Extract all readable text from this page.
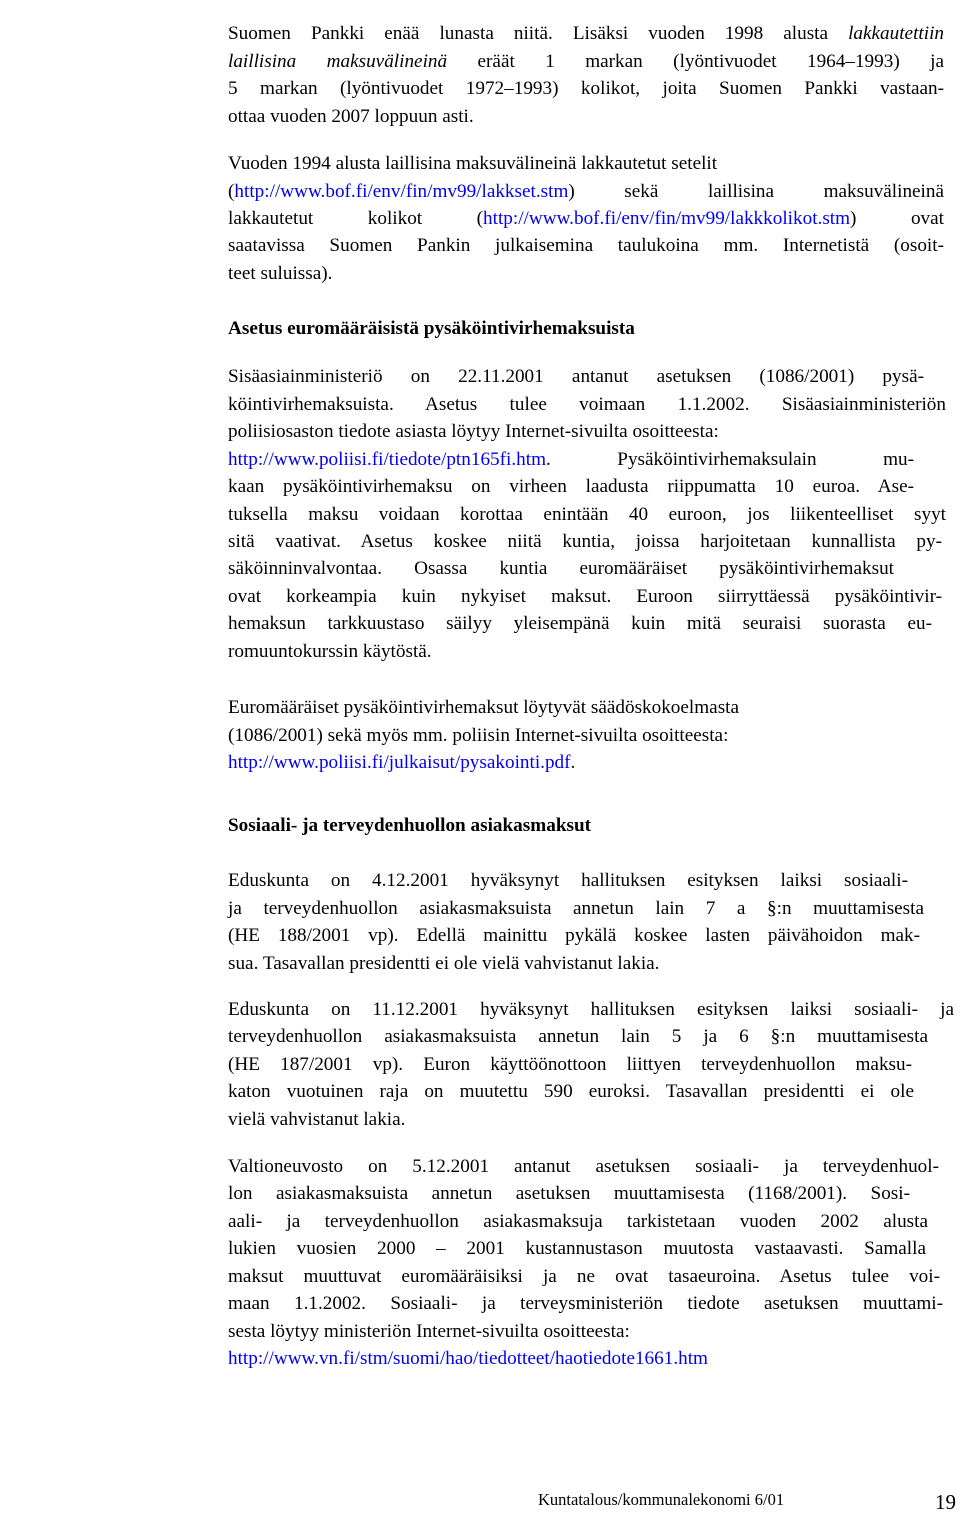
Suomen Pankki enää lunasta niitä. Lisäksi vuoden 1998 alusta lakkautettiin
laillisina maksuvälineinä eräät 1 markan (lyöntivuodet 1964–1993) ja
5 markan (lyöntivuodet 1972–1993) kolikot, joita Suomen Pankki vastaan-
ottaa vuoden 2007 loppuun asti.
Vuoden 1994 alusta laillisina maksuvälineinä lakkautetut setelit
(http://www.bof.fi/env/fin/mv99/lakkset.stm) sekä laillisina maksuvälineinä
lakkautetut kolikot (http://www.bof.fi/env/fin/mv99/lakkkolikot.stm) ovat
saatavissa Suomen Pankin julkaisemina taulukoina mm. Internetistä (osoit-
teet suluissa).
Asetus euromääräisistä pysäköintivirhemaksuista
Sisäasiainministeriö on 22.11.2001 antanut asetuksen (1086/2001) pysä-
köintivirhemaksuista. Asetus tulee voimaan 1.1.2002. Sisäasiainministeriön
poliisiosaston tiedote asiasta löytyy Internet-sivuilta osoitteesta:
http://www.poliisi.fi/tiedote/ptn165fi.htm. Pysäköintivirhemaksulain mu-
kaan pysäköintivirhemaksu on virheen laadusta riippumatta 10 euroa. Ase-
tuksella maksu voidaan korottaa enintään 40 euroon, jos liikenteelliset syyt
sitä vaativat. Asetus koskee niitä kuntia, joissa harjoitetaan kunnallista py-
säköinninvalvontaa. Osassa kuntia euromääräiset pysäköintivirhemaksut
ovat korkeampia kuin nykyiset maksut. Euroon siirryttäessä pysäköintivir-
hemaksun tarkkuustaso säilyy yleisempänä kuin mitä seuraisi suorasta eu-
romuuntokurssin käytöstä.
Euromääräiset pysäköintivirhemaksut löytyvät säädöskokoelmasta
(1086/2001) sekä myös mm. poliisin Internet-sivuilta osoitteesta:
http://www.poliisi.fi/julkaisut/pysakointi.pdf.
Sosiaali- ja terveydenhuollon asiakasmaksut
Eduskunta on 4.12.2001 hyväksynyt hallituksen esityksen laiksi sosiaali-
ja terveydenhuollon asiakasmaksuista annetun lain 7 a §:n muuttamisesta
(HE 188/2001 vp). Edellä mainittu pykälä koskee lasten päivähoidon mak-
sua. Tasavallan presidentti ei ole vielä vahvistanut lakia.
Eduskunta on 11.12.2001 hyväksynyt hallituksen esityksen laiksi sosiaali- ja
terveydenhuollon asiakasmaksuista annetun lain 5 ja 6 §:n muuttamisesta
(HE 187/2001 vp). Euron käyttöönottoon liittyen terveydenhuollon maksu-
katon vuotuinen raja on muutettu 590 euroksi. Tasavallan presidentti ei ole
vielä vahvistanut lakia.
Valtioneuvosto on 5.12.2001 antanut asetuksen sosiaali- ja terveydenhuol-
lon asiakasmaksuista annetun asetuksen muuttamisesta (1168/2001). Sosi-
aali- ja terveydenhuollon asiakasmaksuja tarkistetaan vuoden 2002 alusta
lukien vuosien 2000 – 2001 kustannustason muutosta vastaavasti. Samalla
maksut muuttuvat euromääräisiksi ja ne ovat tasaeuroina. Asetus tulee voi-
maan 1.1.2002. Sosiaali- ja terveysministeriön tiedote asetuksen muuttami-
sesta löytyy ministeriön Internet-sivuilta osoitteesta:
http://www.vn.fi/stm/suomi/hao/tiedotteet/haotiedote1661.htm
Kuntatalous/kommunalekonomi 6/01	19
